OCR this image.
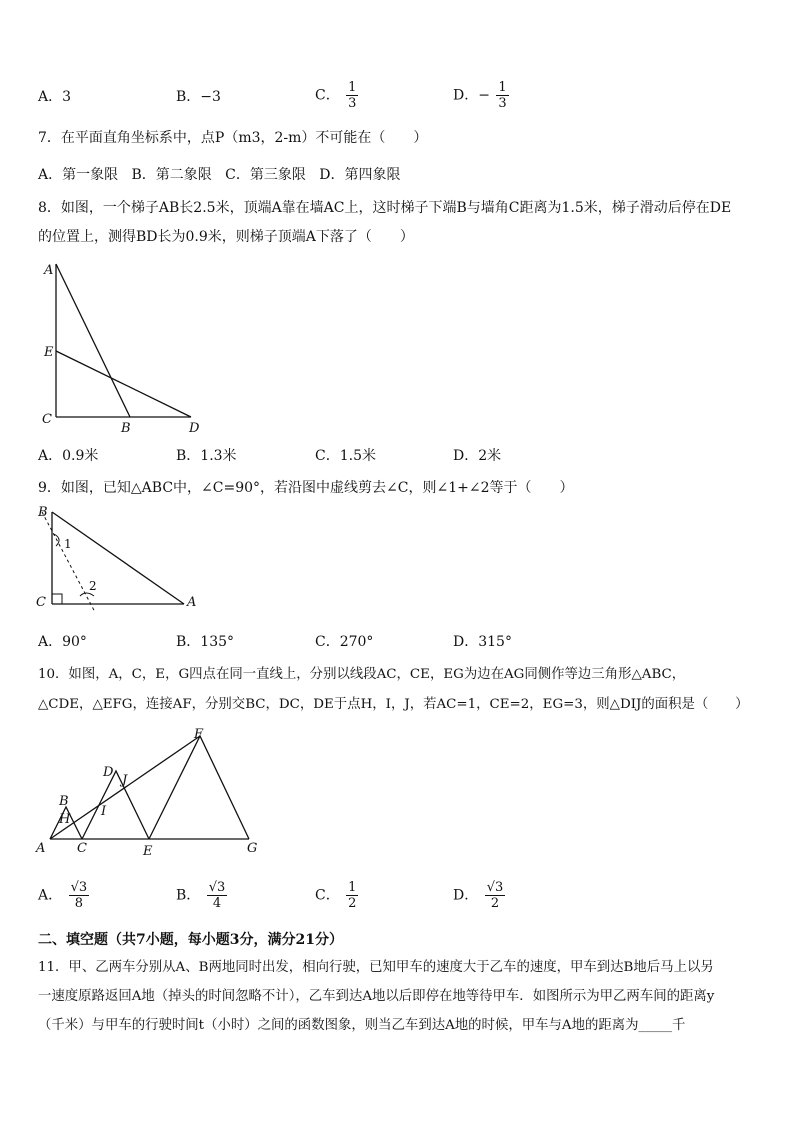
A．3	B．−3	C． $\frac{1}{3}$	D．− $\frac{1}{3}$
7．在平面直角坐标系中，点P（m3，2-m）不可能在（　　）
A．第一象限 B．第二象限 C．第三象限 D．第四象限
8．如图，一个梯子AB长2.5米，顶端A靠在墙AC上，这时梯子下端B与墙角C距离为1.5米，梯子滑动后停在DE
的位置上，测得BD长为0.9米，则梯子顶端A下落了（　　）
A
E
C
B	D
A．0.9米	B．1.3米	C．1.5米	D．2米
9．如图，已知△ABC中，∠C=90°，若沿图中虚线剪去∠C，则∠1+∠2等于（　　）
B
C	A
1
2
A．90°	B．135°	C．270°	D．315°
10．如图，A，C，E，G四点在同一直线上，分别以线段AC，CE，EG为边在AG同侧作等边三角形△ABC，
△CDE，△EFG，连接AF，分别交BC，DC，DE于点H，I，J，若AC=1，CE=2，EG=3，则△DIJ的面积是（　　）
A
B
H
C
I
D
J
E
F
G
A． $\frac{√3}{8}$	B． $\frac{√3}{4}$	C． $\frac{1}{2}$	D． $\frac{√3}{2}$
二、填空题（共7小题，每小题3分，满分21分）
11．甲、乙两车分别从A、B两地同时出发，相向行驶，已知甲车的速度大于乙车的速度，甲车到达B地后马上以另
一速度原路返回A地（掉头的时间忽略不计），乙车到达A地以后即停在地等待甲车．如图所示为甲乙两车间的距离y
（千米）与甲车的行驶时间t（小时）之间的函数图象，则当乙车到达A地的时候，甲车与A地的距离为_____千
